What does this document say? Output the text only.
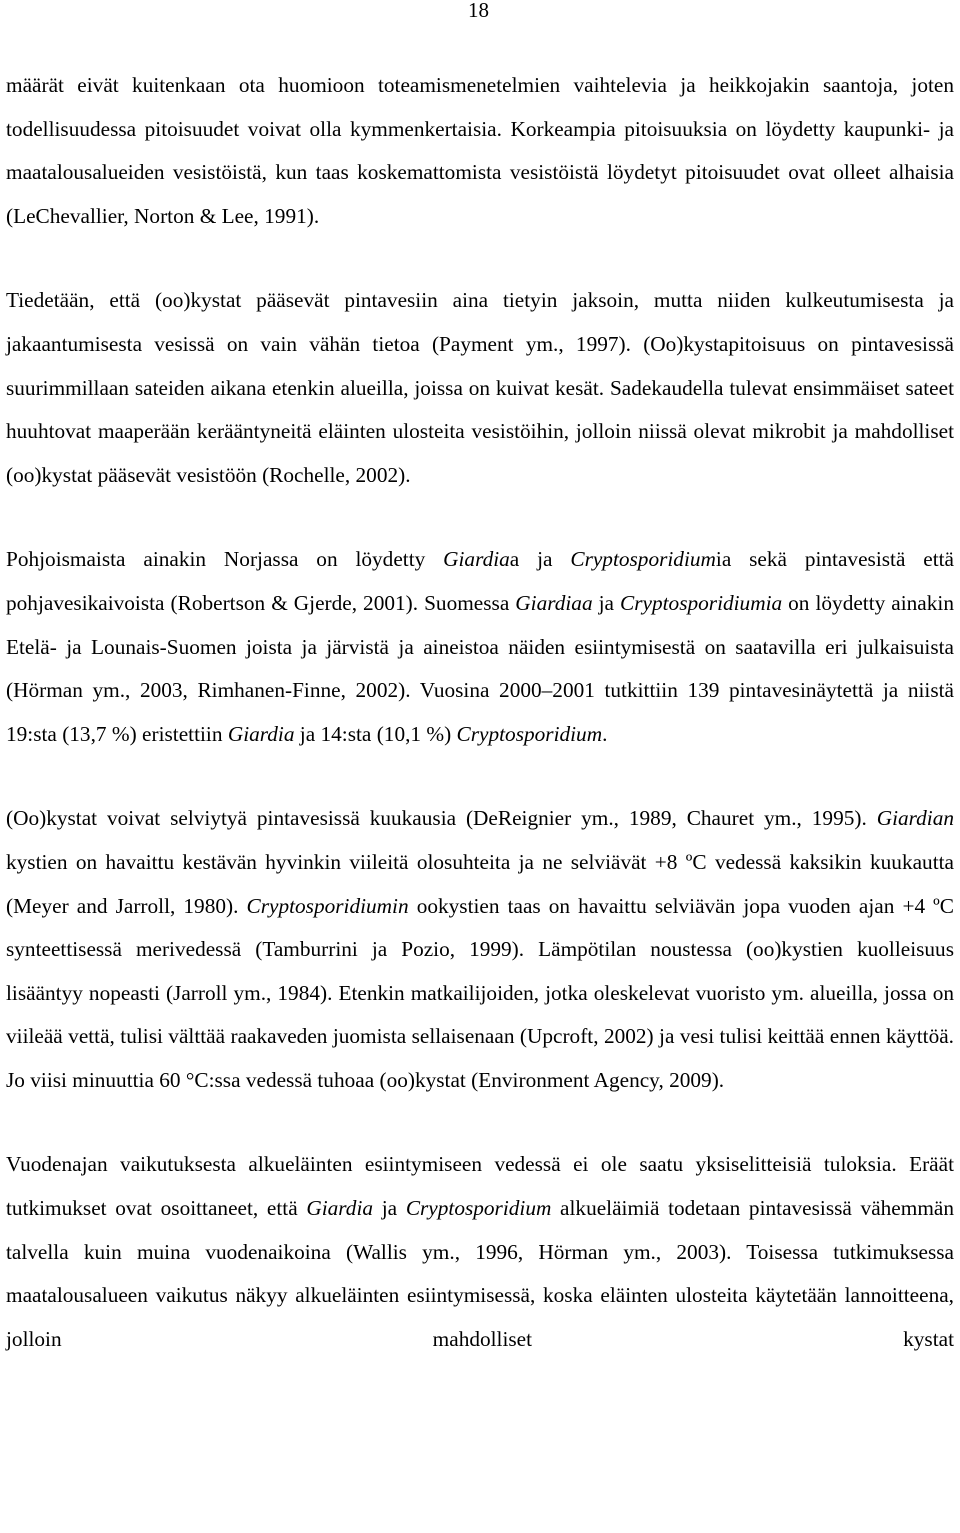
18

määrät eivät kuitenkaan ota huomioon toteamismenetelmien vaihtelevia ja heikkojakin saantoja, joten todellisuudessa pitoisuudet voivat olla kymmenkertaisia. Korkeampia pitoisuuksia on löydetty kaupunki- ja maatalousalueiden vesistöistä, kun taas koskemattomista vesistöistä löydetyt pitoisuudet ovat olleet alhaisia (LeChevallier, Norton & Lee, 1991).

Tiedetään, että (oo)kystat pääsevät pintavesiin aina tietyin jaksoin, mutta niiden kulkeutumisesta ja jakaantumisesta vesissä on vain vähän tietoa (Payment ym., 1997). (Oo)kystapitoisuus on pintavesissä suurimmillaan sateiden aikana etenkin alueilla, joissa on kuivat kesät. Sadekaudella tulevat ensimmäiset sateet huuhtovat maaperään kerääntyneitä eläinten ulosteita vesistöihin, jolloin niissä olevat mikrobit ja mahdolliset (oo)kystat pääsevät vesistöön (Rochelle, 2002).

Pohjoismaista ainakin Norjassa on löydetty Giardiaa ja Cryptosporidiumia sekä pintavesistä että pohjavesikaivoista (Robertson & Gjerde, 2001). Suomessa Giardiaa ja Cryptosporidiumia on löydetty ainakin Etelä- ja Lounais-Suomen joista ja järvistä ja aineistoa näiden esiintymisestä on saatavilla eri julkaisuista (Hörman ym., 2003, Rimhanen-Finne, 2002). Vuosina 2000–2001 tutkittiin 139 pintavesinäytettä ja niistä 19:sta (13,7 %) eristettiin Giardia ja 14:sta (10,1 %) Cryptosporidium.

(Oo)kystat voivat selviytyä pintavesissä kuukausia (DeReignier ym., 1989, Chauret ym., 1995). Giardian kystien on havaittu kestävän hyvinkin viileitä olosuhteita ja ne selviävät +8 ºC vedessä kaksikin kuukautta (Meyer and Jarroll, 1980). Cryptosporidiumin ookystien taas on havaittu selviävän jopa vuoden ajan +4 ºC synteettisessä merivedessä (Tamburrini ja Pozio, 1999). Lämpötilan noustessa (oo)kystien kuolleisuus lisääntyy nopeasti (Jarroll ym., 1984). Etenkin matkailijoiden, jotka oleskelevat vuoristo ym. alueilla, jossa on viileää vettä, tulisi välttää raakaveden juomista sellaisenaan (Upcroft, 2002) ja vesi tulisi keittää ennen käyttöä. Jo viisi minuuttia 60 °C:ssa vedessä tuhoaa (oo)kystat (Environment Agency, 2009).

Vuodenajan vaikutuksesta alkueläinten esiintymiseen vedessä ei ole saatu yksiselitteisiä tuloksia. Eräät tutkimukset ovat osoittaneet, että Giardia ja Cryptosporidium alkueläimiä todetaan pintavesissä vähemmän talvella kuin muina vuodenaikoina (Wallis ym., 1996, Hörman ym., 2003). Toisessa tutkimuksessa maatalousalueen vaikutus näkyy alkueläinten esiintymisessä, koska eläinten ulosteita käytetään lannoitteena, jolloin mahdolliset kystat
